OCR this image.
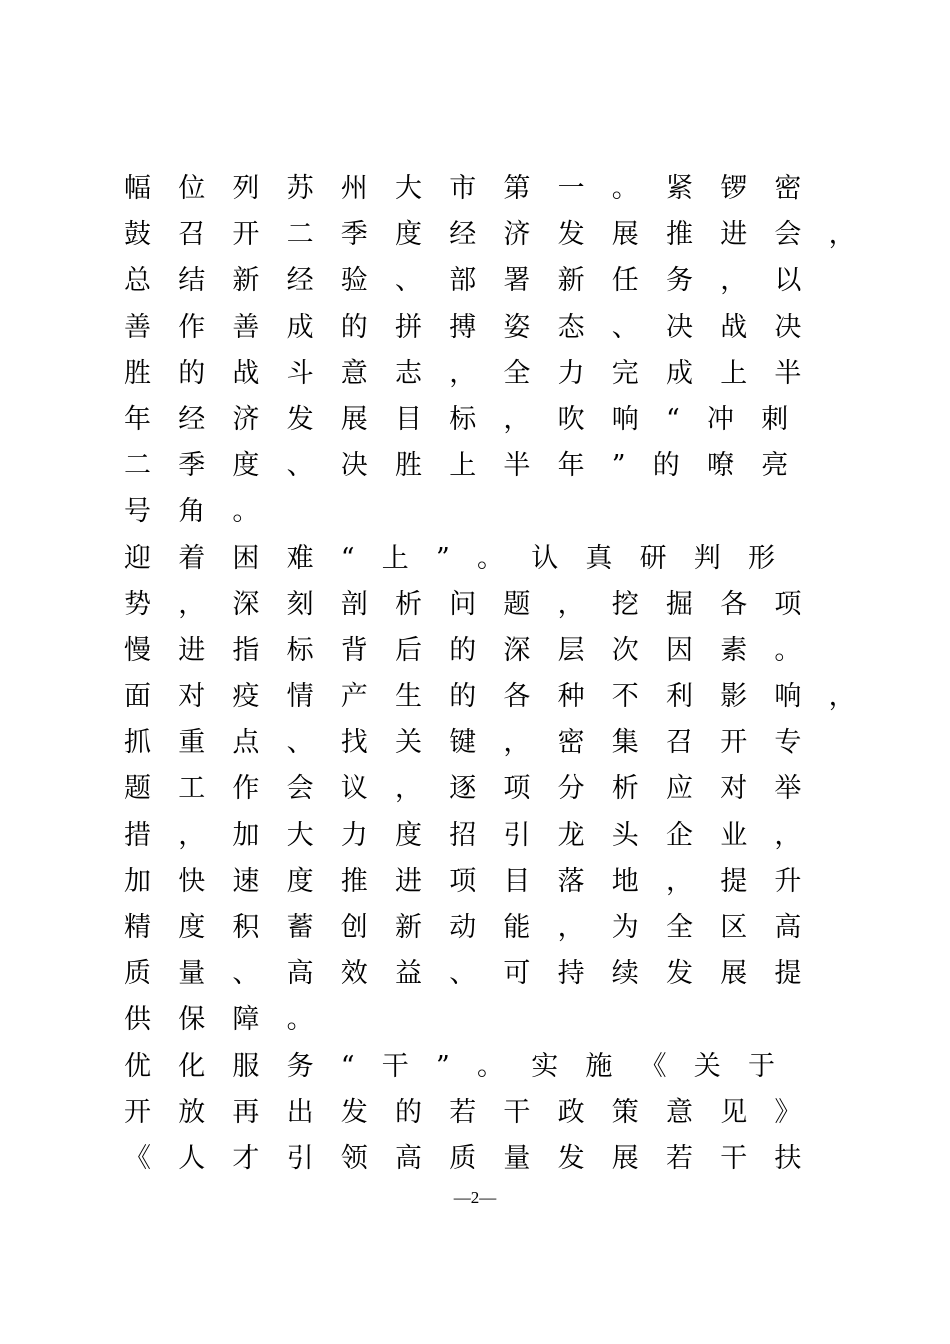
幅位列苏州大市第一。紧锣密
鼓召开二季度经济发展推进会，
总结新经验、部署新任务，以
善作善成的拼搏姿态、决战决
胜的战斗意志，全力完成上半
年经济发展目标，吹响“冲刺
二季度、决胜上半年”的嘹亮
号角。
迎着困难“上”。认真研判形
势，深刻剖析问题，挖掘各项
慢进指标背后的深层次因素。
面对疫情产生的各种不利影响，
抓重点、找关键，密集召开专
题工作会议，逐项分析应对举
措，加大力度招引龙头企业，
加快速度推进项目落地，提升
精度积蓄创新动能，为全区高
质量、高效益、可持续发展提
供保障。
优化服务“干”。实施《关于
开放再出发的若干政策意见》
《人才引领高质量发展若干扶
—2—
